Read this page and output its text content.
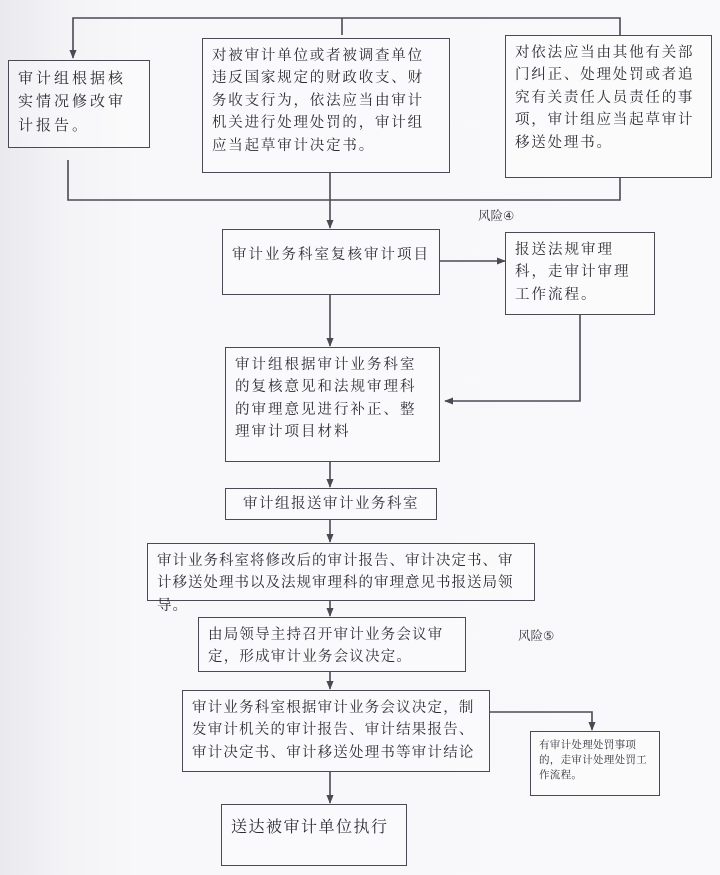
审计组根据核实情况修改审计报告。
对被审计单位或者被调查单位违反国家规定的财政收支、财务收支行为，依法应当由审计机关进行处理处罚的，审计组应当起草审计决定书。
对依法应当由其他有关部门纠正、处理处罚或者追究有关责任人员责任的事项，审计组应当起草审计移送处理书。
风险④
审计业务科室复核审计项目	报送法规审理科，走审计审理工作流程。
审计组根据审计业务科室的复核意见和法规审理科的审理意见进行补正、整理审计项目材料
审计组报送审计业务科室
审计业务科室将修改后的审计报告、审计决定书、审计移送处理书以及法规审理科的审理意见书报送局领导。
由局领导主持召开审计业务会议审定，形成审计业务会议决定。
风险⑤
审计业务科室根据审计业务会议决定，制发审计机关的审计报告、审计结果报告、审计决定书、审计移送处理书等审计结论	有审计处理处罚事项的，走审计处理处罚工作流程。
送达被审计单位执行
